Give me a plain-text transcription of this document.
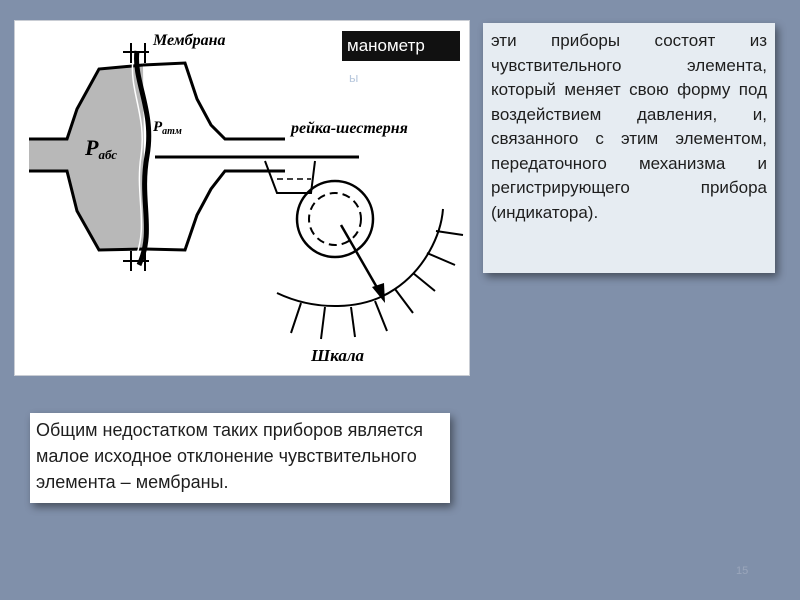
Мембрана
Pабс
$P_{атм}$	рейка-шестерня
Шкала
манометр
ы
эти приборы состоят из чувствительного элемента, который меняет свою форму под воздействием давления, и, связанного с этим элементом, передаточного механизма и регистрирующего прибора (индикатора).
Общим недостатком таких приборов является малое исходное отклонение чувствительного элемента – мембраны.
15
